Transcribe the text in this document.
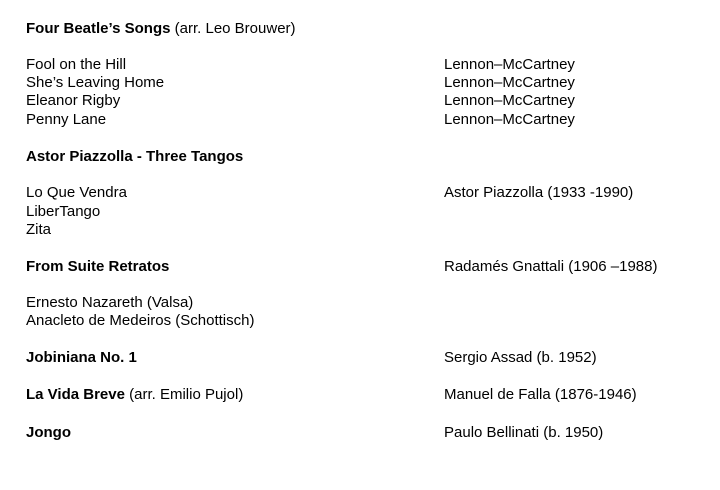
Four Beatle’s Songs (arr. Leo Brouwer)
Fool on the Hill	Lennon–McCartney
She’s Leaving Home	Lennon–McCartney
Eleanor Rigby	Lennon–McCartney
Penny Lane	Lennon–McCartney
Astor Piazzolla - Three Tangos
Lo Que Vendra	Astor Piazzolla (1933 -1990)
LiberTango
Zita
From Suite Retratos	Radamés Gnattali (1906 –1988)
Ernesto Nazareth (Valsa)
Anacleto de Medeiros (Schottisch)
Jobiniana No. 1	Sergio Assad (b. 1952)
La Vida Breve (arr. Emilio Pujol)	Manuel de Falla (1876-1946)
Jongo	Paulo Bellinati (b. 1950)
